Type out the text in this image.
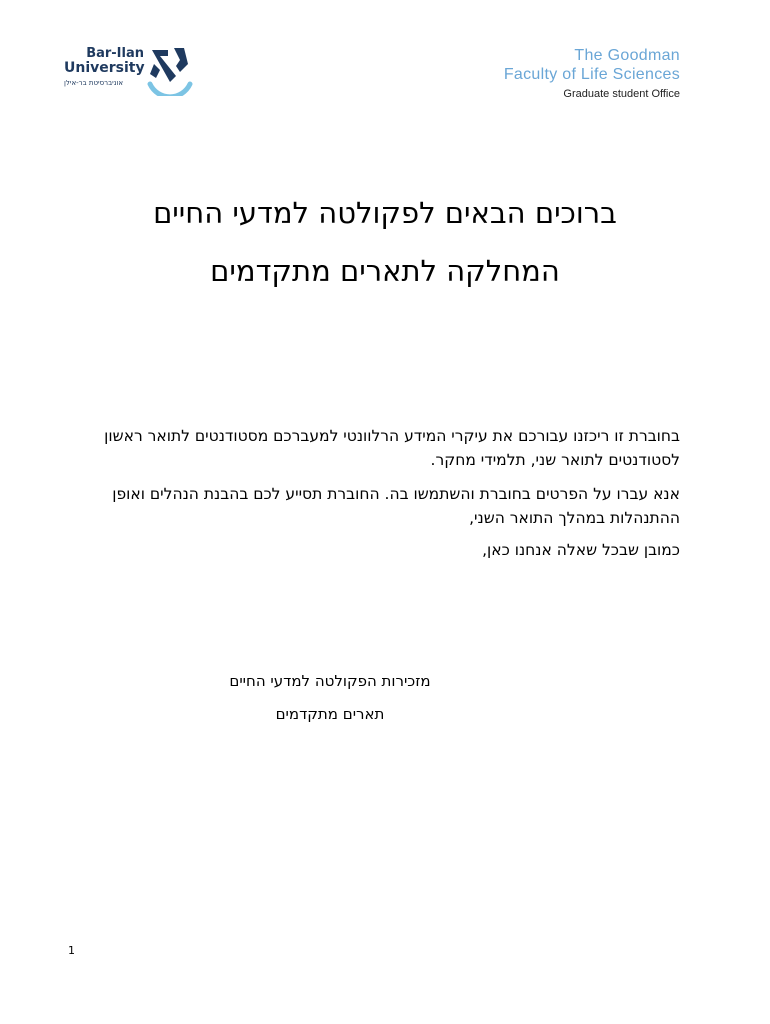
Bar-Ilan
University
אוניברסיטת בר-אילן
The Goodman
Faculty of Life Sciences
Graduate student Office
ברוכים הבאים לפקולטה למדעי החיים
המחלקה לתארים מתקדמים
בחוברת זו ריכזנו עבורכם את עיקרי המידע הרלוונטי למעברכם מסטודנטים לתואר ראשון לסטודנטים לתואר שני, תלמידי מחקר.
אנא עברו על הפרטים בחוברת והשתמשו בה. החוברת תסייע לכם בהבנת הנהלים ואופן ההתנהלות במהלך התואר השני,
כמובן שבכל שאלה אנחנו כאן,
מזכירות הפקולטה למדעי החיים
תארים מתקדמים
1
